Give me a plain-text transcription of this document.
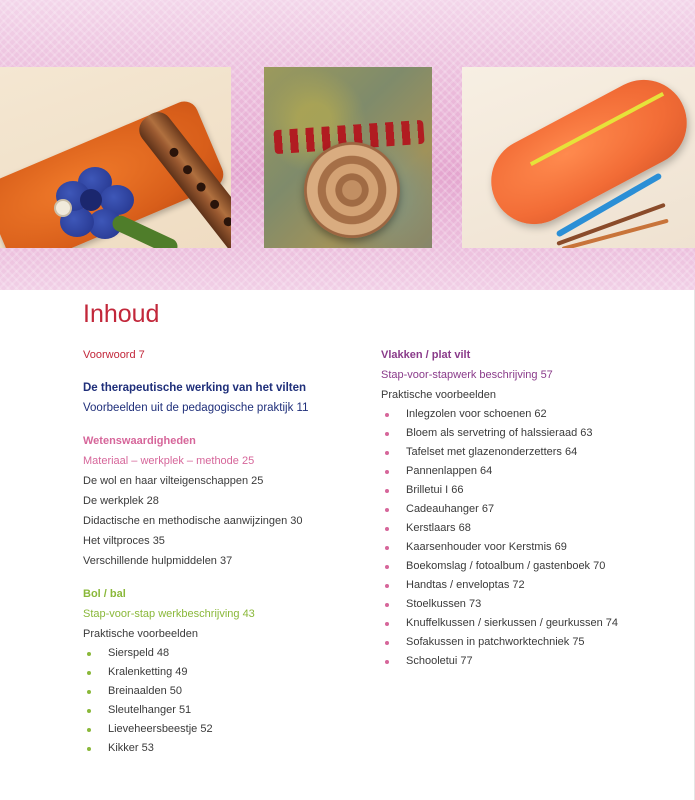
Inhoud
Voorwoord 7
De therapeutische werking van het vilten
Voorbeelden uit de pedagogische praktijk 11
Wetenswaardigheden
Materiaal – werkplek – methode 25
De wol en haar vilteigenschappen 25
De werkplek 28
Didactische en methodische aanwijzingen 30
Het viltproces 35
Verschillende hulpmiddelen 37
Bol / bal
Stap-voor-stap werkbeschrijving 43
Praktische voorbeelden
Sierspeld 48
Kralenketting 49
Breinaalden 50
Sleutelhanger 51
Lieveheersbeestje 52
Kikker 53
Vlakken / plat vilt
Stap-voor-stapwerk beschrijving 57
Praktische voorbeelden
Inlegzolen voor schoenen 62
Bloem als servetring of halssieraad 63
Tafelset met glazenonderzetters 64
Pannenlappen 64
Brilletui I 66
Cadeauhanger 67
Kerstlaars 68
Kaarsenhouder voor Kerstmis 69
Boekomslag / fotoalbum / gastenboek 70
Handtas / enveloptas 72
Stoelkussen 73
Knuffelkussen / sierkussen / geurkussen 74
Sofakussen in patchworktechniek 75
Schooletui 77
